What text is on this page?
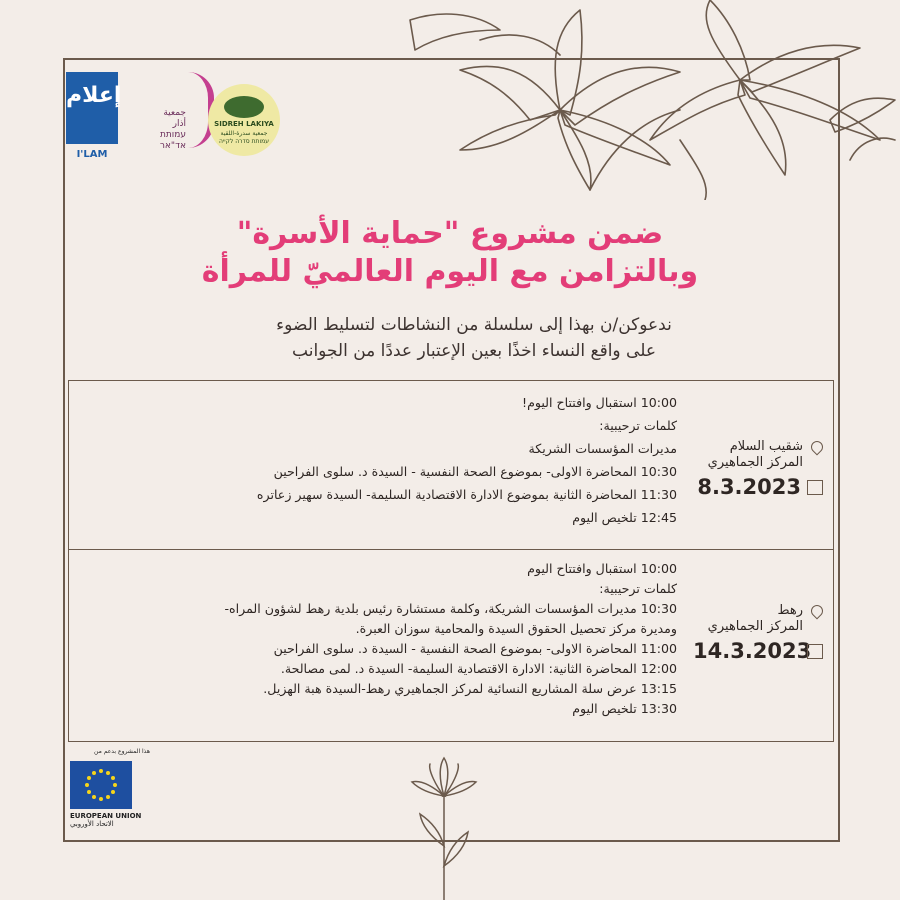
إعلام
I'LAM
جمعية
أذار
עמותת אד"אר
SIDREH LAKIYA
جمعية سدرة-اللقية
עמותת סדרה לקייה
ضمن مشروع "حماية الأسرة"
وبالتزامن مع اليوم العالميّ للمرأة
ندعوكن/ن بهذا إلى سلسلة من النشاطات لتسليط الضوء
على واقع النساء اخذًا بعين الإعتبار عددًا من الجوانب
10:00 استقبال وافتتاح اليوم!
كلمات ترحيبية:
مديرات المؤسسات الشريكة
10:30 المحاضرة الاولى- بموضوع الصحة النفسية - السيدة د. سلوى الفراحين
11:30 المحاضرة الثانية بموضوع الادارة الاقتصادية السليمة- السيدة سهير زعاتره
12:45 تلخيص اليوم
شقيب السلام
المركز الجماهيري
8.3.2023
10:00 استقبال وافتتاح اليوم
كلمات ترحيبية:
10:30 مديرات المؤسسات الشريكة، وكلمة مستشارة رئيس بلدية رهط لشؤون المراه-
ومديرة مركز تحصيل الحقوق السيدة والمحامية سوزان العبرة.
11:00 المحاضرة الاولى- بموضوع الصحة النفسية - السيدة د. سلوى الفراحين
12:00 المحاضرة الثانية: الادارة الاقتصادية السليمة- السيدة د. لمى مصالحة.
13:15 عرض سلة المشاريع النسائية لمركز الجماهيري رهط-السيدة هبة الهزيل.
13:30 تلخيص اليوم
رهط
المركز الجماهيري
14.3.2023
هذا المشروع بدعم من
EUROPEAN UNION
الاتحاد الأوروبي
